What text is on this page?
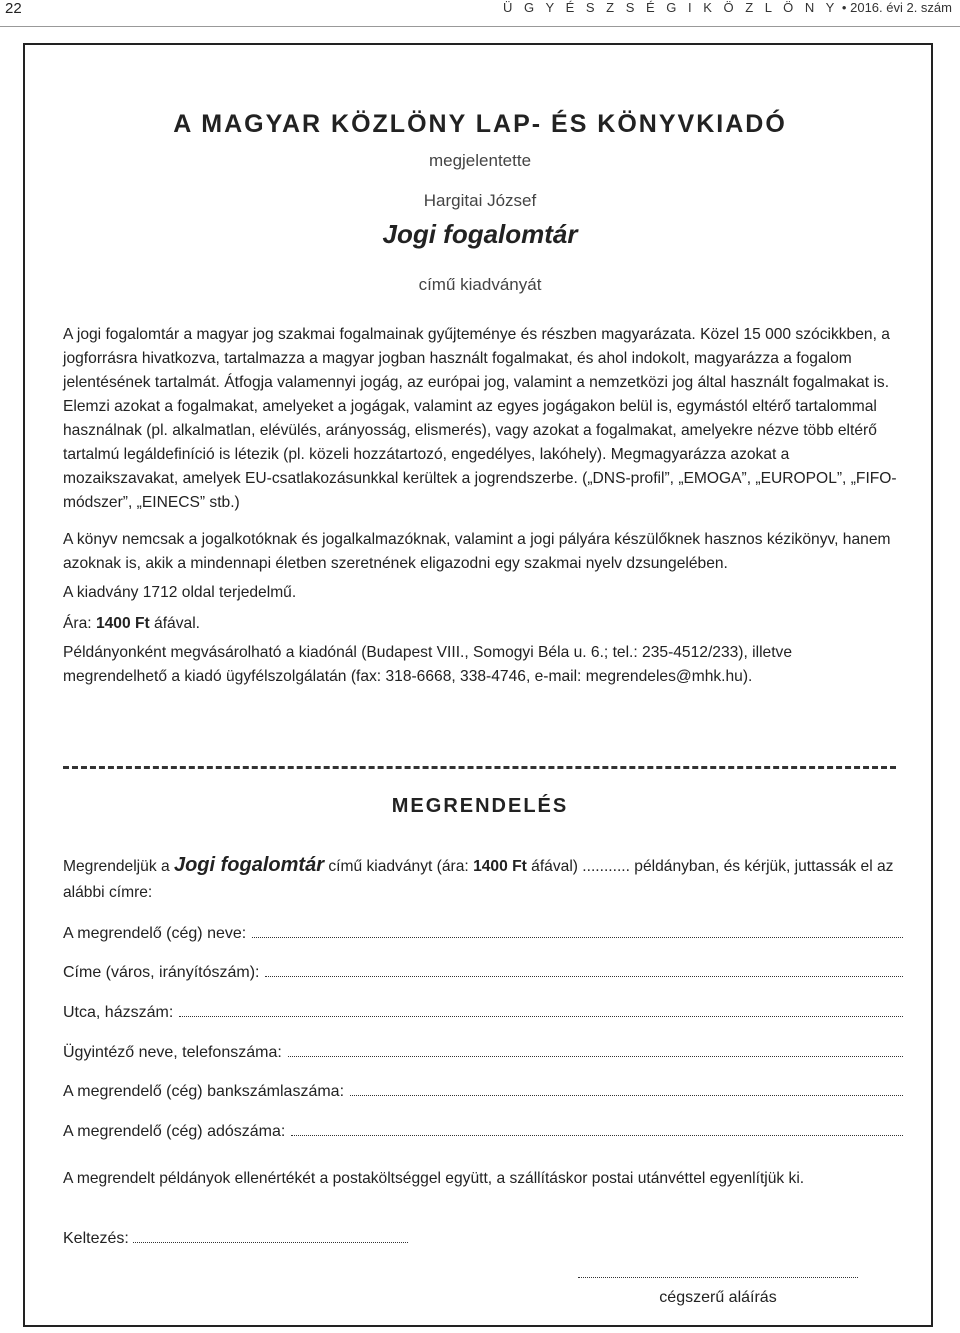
22	Ü G Y É S Z S É G I K Ö Z L Ö N Y • 2016. évi 2. szám
A MAGYAR KÖZLÖNY LAP- ÉS KÖNYVKIADÓ
megjelentette
Hargitai József
Jogi fogalomtár
című kiadványát

A jogi fogalomtár a magyar jog szakmai fogalmainak gyűjteménye és részben magyarázata. Közel 15 000 szócikkben, a jogforrásra hivatkozva, tartalmazza a magyar jogban használt fogalmakat, és ahol indokolt, magyarázza a fogalom jelentésének tartalmát. Átfogja valamennyi jogág, az európai jog, valamint a nemzetközi jog által használt fogalmakat is. Elemzi azokat a fogalmakat, amelyeket a jogágak, valamint az egyes jogágakon belül is, egymástól eltérő tartalommal használnak (pl. alkalmatlan, elévülés, arányosság, elismerés), vagy azokat a fogalmakat, amelyekre nézve több eltérő tartalmú legáldefiníció is létezik (pl. közeli hozzátartozó, engedélyes, lakóhely). Megmagyarázza azokat a mozaikszavakat, amelyek EU-csatlakozásunkkal kerültek a jogrendszerbe. („DNS-profil”, „EMOGA”, „EUROPOL”, „FIFO-módszer”, „EINECS” stb.)

A könyv nemcsak a jogalkotóknak és jogalkalmazóknak, valamint a jogi pályára készülőknek hasznos kézikönyv, hanem azoknak is, akik a mindennapi életben szeretnének eligazodni egy szakmai nyelv dzsungelében.

A kiadvány 1712 oldal terjedelmű.

Ára: 1400 Ft áfával.

Példányonként megvásárolható a kiadónál (Budapest VIII., Somogyi Béla u. 6.; tel.: 235-4512/233), illetve megrendelhető a kiadó ügyfélszolgálatán (fax: 318-6668, 338-4746, e-mail: megrendeles@mhk.hu).

MEGRENDELÉS

Megrendeljük a Jogi fogalomtár című kiadványt (ára: 1400 Ft áfával) ........... példányban, és kérjük, juttassák el az alábbi címre:

A megrendelő (cég) neve:
Címe (város, irányítószám):
Utca, házszám:
Ügyintéző neve, telefonszáma:
A megrendelő (cég) bankszámlaszáma:
A megrendelő (cég) adószáma:
A megrendelt példányok ellenértékét a postaköltséggel együtt, a szállításkor postai utánvéttel egyenlítjük ki.
Keltezés:
cégszerű aláírás
